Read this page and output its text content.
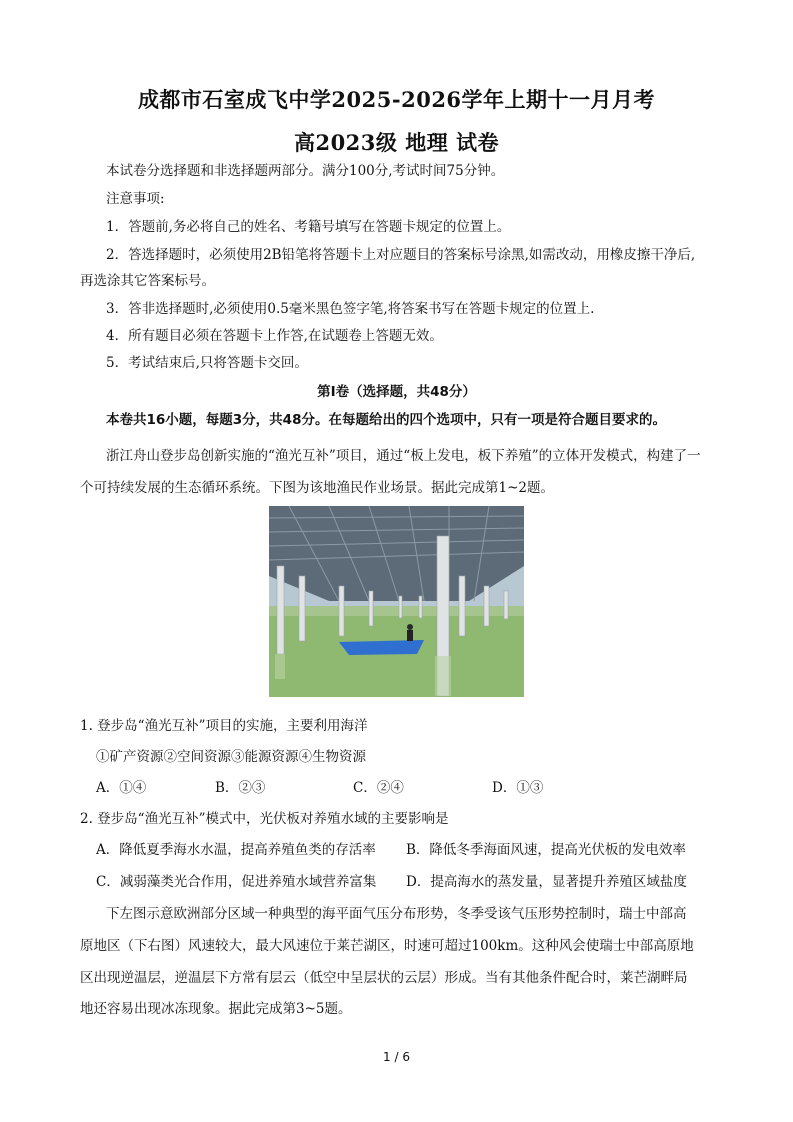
成都市石室成飞中学2025-2026学年上期十一月月考
高2023级 地理 试卷
本试卷分选择题和非选择题两部分。满分100分,考试时间75分钟。
注意事项:
1．答题前,务必将自己的姓名、考籍号填写在答题卡规定的位置上。
2．答选择题时，必须使用2B铅笔将答题卡上对应题目的答案标号涂黑,如需改动，用橡皮擦干净后,
再选涂其它答案标号。
3．答非选择题时,必须使用0.5毫米黑色签字笔,将答案书写在答题卡规定的位置上.
4．所有题目必须在答题卡上作答,在试题卷上答题无效。
5．考试结束后,只将答题卡交回。
第Ⅰ卷（选择题，共48分）
本卷共16小题，每题3分，共48分。在每题给出的四个选项中，只有一项是符合题目要求的。
浙江舟山登步岛创新实施的“渔光互补”项目，通过“板上发电，板下养殖”的立体开发模式，构建了一
个可持续发展的生态循环系统。下图为该地渔民作业场景。据此完成第1~2题。
1. 登步岛“渔光互补”项目的实施，主要利用海洋
①矿产资源②空间资源③能源资源④生物资源
A．①④	B．②③	C．②④	D．①③
2. 登步岛“渔光互补”模式中，光伏板对养殖水域的主要影响是
A．降低夏季海水水温，提高养殖鱼类的存活率 B．降低冬季海面风速，提高光伏板的发电效率
C．减弱藻类光合作用，促进养殖水域营养富集 D．提高海水的蒸发量，显著提升养殖区域盐度
下左图示意欧洲部分区域一种典型的海平面气压分布形势，冬季受该气压形势控制时，瑞士中部高
原地区（下右图）风速较大，最大风速位于莱芒湖区，时速可超过100km。这种风会使瑞士中部高原地
区出现逆温层，逆温层下方常有层云（低空中呈层状的云层）形成。当有其他条件配合时，莱芒湖畔局
地还容易出现冰冻现象。据此完成第3~5题。
1 / 6
